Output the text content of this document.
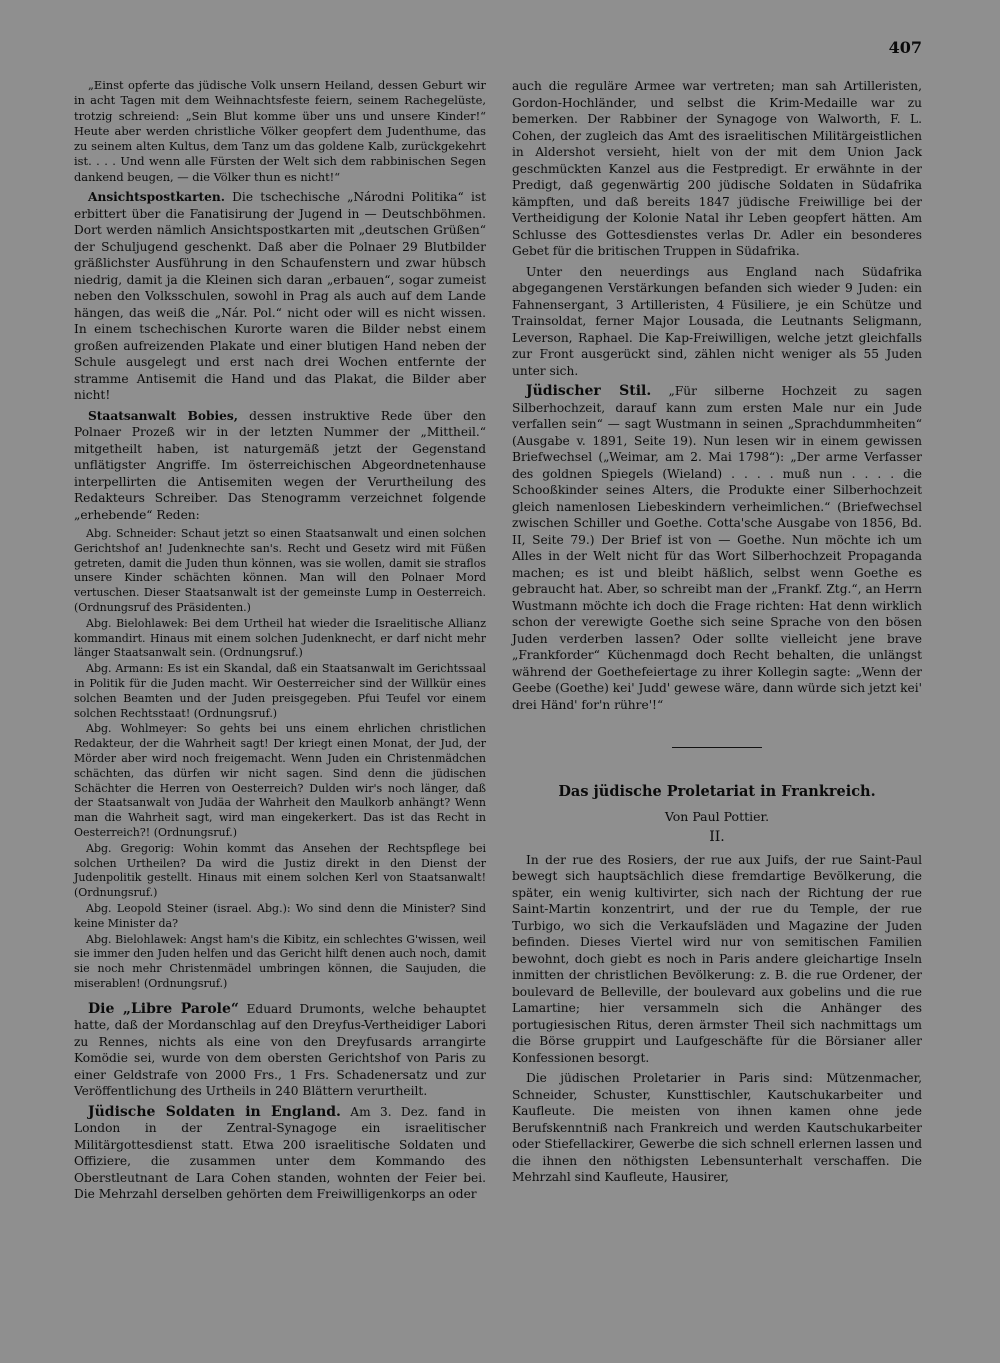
407

„Einst opferte das jüdische Volk unsern Heiland, dessen Geburt wir in acht Tagen mit dem Weihnachtsfeste feiern, seinem Rachegelüste, trotzig schreiend: „Sein Blut komme über uns und unsere Kinder!“ Heute aber werden christliche Völker geopfert dem Judenthume, das zu seinem alten Kultus, dem Tanz um das goldene Kalb, zurückgekehrt ist. . . . Und wenn alle Fürsten der Welt sich dem rabbinischen Segen dankend beugen, — die Völker thun es nicht!“

Ansichtspostkarten. Die tschechische „Národni Politika“ ist erbittert über die Fanatisirung der Jugend in — Deutschböhmen. Dort werden nämlich Ansichtspostkarten mit „deutschen Grüßen“ der Schuljugend geschenkt. Daß aber die Polnaer 29 Blutbilder gräßlichster Ausführung in den Schaufenstern und zwar hübsch niedrig, damit ja die Kleinen sich daran „erbauen“, sogar zumeist neben den Volksschulen, sowohl in Prag als auch auf dem Lande hängen, das weiß die „Nár. Pol.“ nicht oder will es nicht wissen. In einem tschechischen Kurorte waren die Bilder nebst einem großen aufreizenden Plakate und einer blutigen Hand neben der Schule ausgelegt und erst nach drei Wochen entfernte der stramme Antisemit die Hand und das Plakat, die Bilder aber nicht!

Staatsanwalt Bobies, dessen instruktive Rede über den Polnaer Prozeß wir in der letzten Nummer der „Mittheil.“ mitgetheilt haben, ist naturgemäß jetzt der Gegenstand unflätigster Angriffe. Im österreichischen Abgeordnetenhause interpellirten die Antisemiten wegen der Verurtheilung des Redakteurs Schreiber. Das Stenogramm verzeichnet folgende „erhebende“ Reden:

Abg. Schneider: Schaut jetzt so einen Staatsanwalt und einen solchen Gerichtshof an! Judenknechte san's. Recht und Gesetz wird mit Füßen getreten, damit die Juden thun können, was sie wollen, damit sie straflos unsere Kinder schächten können. Man will den Polnaer Mord vertuschen. Dieser Staatsanwalt ist der gemeinste Lump in Oesterreich. (Ordnungsruf des Präsidenten.)

Abg. Bielohlawek: Bei dem Urtheil hat wieder die Israelitische Allianz kommandirt. Hinaus mit einem solchen Judenknecht, er darf nicht mehr länger Staatsanwalt sein. (Ordnungsruf.)

Abg. Armann: Es ist ein Skandal, daß ein Staatsanwalt im Gerichtssaal in Politik für die Juden macht. Wir Oesterreicher sind der Willkür eines solchen Beamten und der Juden preisgegeben. Pfui Teufel vor einem solchen Rechtsstaat! (Ordnungsruf.)

Abg. Wohlmeyer: So gehts bei uns einem ehrlichen christlichen Redakteur, der die Wahrheit sagt! Der kriegt einen Monat, der Jud, der Mörder aber wird noch freigemacht. Wenn Juden ein Christenmädchen schächten, das dürfen wir nicht sagen. Sind denn die jüdischen Schächter die Herren von Oesterreich? Dulden wir's noch länger, daß der Staatsanwalt von Judäa der Wahrheit den Maulkorb anhängt? Wenn man die Wahrheit sagt, wird man eingekerkert. Das ist das Recht in Oesterreich?! (Ordnungsruf.)

Abg. Gregorig: Wohin kommt das Ansehen der Rechtspflege bei solchen Urtheilen? Da wird die Justiz direkt in den Dienst der Judenpolitik gestellt. Hinaus mit einem solchen Kerl von Staatsanwalt! (Ordnungsruf.)

Abg. Leopold Steiner (israel. Abg.): Wo sind denn die Minister? Sind keine Minister da?

Abg. Bielohlawek: Angst ham's die Kibitz, ein schlechtes G'wissen, weil sie immer den Juden helfen und das Gericht hilft denen auch noch, damit sie noch mehr Christenmädel umbringen können, die Saujuden, die miserablen! (Ordnungsruf.)

Die „Libre Parole“ Eduard Drumonts, welche behauptet hatte, daß der Mordanschlag auf den Dreyfus-Vertheidiger Labori zu Rennes, nichts als eine von den Dreyfusards arrangirte Komödie sei, wurde von dem obersten Gerichtshof von Paris zu einer Geldstrafe von 2000 Frs., 1 Frs. Schadenersatz und zur Veröffentlichung des Urtheils in 240 Blättern verurtheilt.

Jüdische Soldaten in England. Am 3. Dez. fand in London in der Zentral-Synagoge ein israelitischer Militärgottesdienst statt. Etwa 200 israelitische Soldaten und Offiziere, die zusammen unter dem Kommando des Oberstleutnant de Lara Cohen standen, wohnten der Feier bei. Die Mehrzahl derselben gehörten dem Freiwilligenkorps an oder

auch die reguläre Armee war vertreten; man sah Artilleristen, Gordon-Hochländer, und selbst die Krim-Medaille war zu bemerken. Der Rabbiner der Synagoge von Walworth, F. L. Cohen, der zugleich das Amt des israelitischen Militärgeistlichen in Aldershot versieht, hielt von der mit dem Union Jack geschmückten Kanzel aus die Festpredigt. Er erwähnte in der Predigt, daß gegenwärtig 200 jüdische Soldaten in Südafrika kämpften, und daß bereits 1847 jüdische Freiwillige bei der Vertheidigung der Kolonie Natal ihr Leben geopfert hätten. Am Schlusse des Gottesdienstes verlas Dr. Adler ein besonderes Gebet für die britischen Truppen in Südafrika.

Unter den neuerdings aus England nach Südafrika abgegangenen Verstärkungen befanden sich wieder 9 Juden: ein Fahnensergant, 3 Artilleristen, 4 Füsiliere, je ein Schütze und Trainsoldat, ferner Major Lousada, die Leutnants Seligmann, Leverson, Raphael. Die Kap-Freiwilligen, welche jetzt gleichfalls zur Front ausgerückt sind, zählen nicht weniger als 55 Juden unter sich.

Jüdischer Stil. „Für silberne Hochzeit zu sagen Silberhochzeit, darauf kann zum ersten Male nur ein Jude verfallen sein“ — sagt Wustmann in seinen „Sprachdummheiten“ (Ausgabe v. 1891, Seite 19). Nun lesen wir in einem gewissen Briefwechsel („Weimar, am 2. Mai 1798“): „Der arme Verfasser des goldnen Spiegels (Wieland) . . . . muß nun . . . . die Schooßkinder seines Alters, die Produkte einer Silberhochzeit gleich namenlosen Liebeskindern verheimlichen.“ (Briefwechsel zwischen Schiller und Goethe. Cotta'sche Ausgabe von 1856, Bd. II, Seite 79.) Der Brief ist von — Goethe. Nun möchte ich um Alles in der Welt nicht für das Wort Silberhochzeit Propaganda machen; es ist und bleibt häßlich, selbst wenn Goethe es gebraucht hat. Aber, so schreibt man der „Frankf. Ztg.“, an Herrn Wustmann möchte ich doch die Frage richten: Hat denn wirklich schon der verewigte Goethe sich seine Sprache von den bösen Juden verderben lassen? Oder sollte vielleicht jene brave „Frankforder“ Küchenmagd doch Recht behalten, die unlängst während der Goethefeiertage zu ihrer Kollegin sagte: „Wenn der Geebe (Goethe) kei' Judd' gewese wäre, dann würde sich jetzt kei' drei Händ' for'n rühre'!“

Das jüdische Proletariat in Frankreich.
Von Paul Pottier.
II.

In der rue des Rosiers, der rue aux Juifs, der rue Saint-Paul bewegt sich hauptsächlich diese fremdartige Bevölkerung, die später, ein wenig kultivirter, sich nach der Richtung der rue Saint-Martin konzentrirt, und der rue du Temple, der rue Turbigo, wo sich die Verkaufsläden und Magazine der Juden befinden. Dieses Viertel wird nur von semitischen Familien bewohnt, doch giebt es noch in Paris andere gleichartige Inseln inmitten der christlichen Bevölkerung: z. B. die rue Ordener, der boulevard de Belleville, der boulevard aux gobelins und die rue Lamartine; hier versammeln sich die Anhänger des portugiesischen Ritus, deren ärmster Theil sich nachmittags um die Börse gruppirt und Laufgeschäfte für die Börsianer aller Konfessionen besorgt.

Die jüdischen Proletarier in Paris sind: Mützenmacher, Schneider, Schuster, Kunsttischler, Kautschukarbeiter und Kaufleute. Die meisten von ihnen kamen ohne jede Berufskenntniß nach Frankreich und werden Kautschukarbeiter oder Stiefellackirer, Gewerbe die sich schnell erlernen lassen und die ihnen den nöthigsten Lebensunterhalt verschaffen. Die Mehrzahl sind Kaufleute, Hausirer,
